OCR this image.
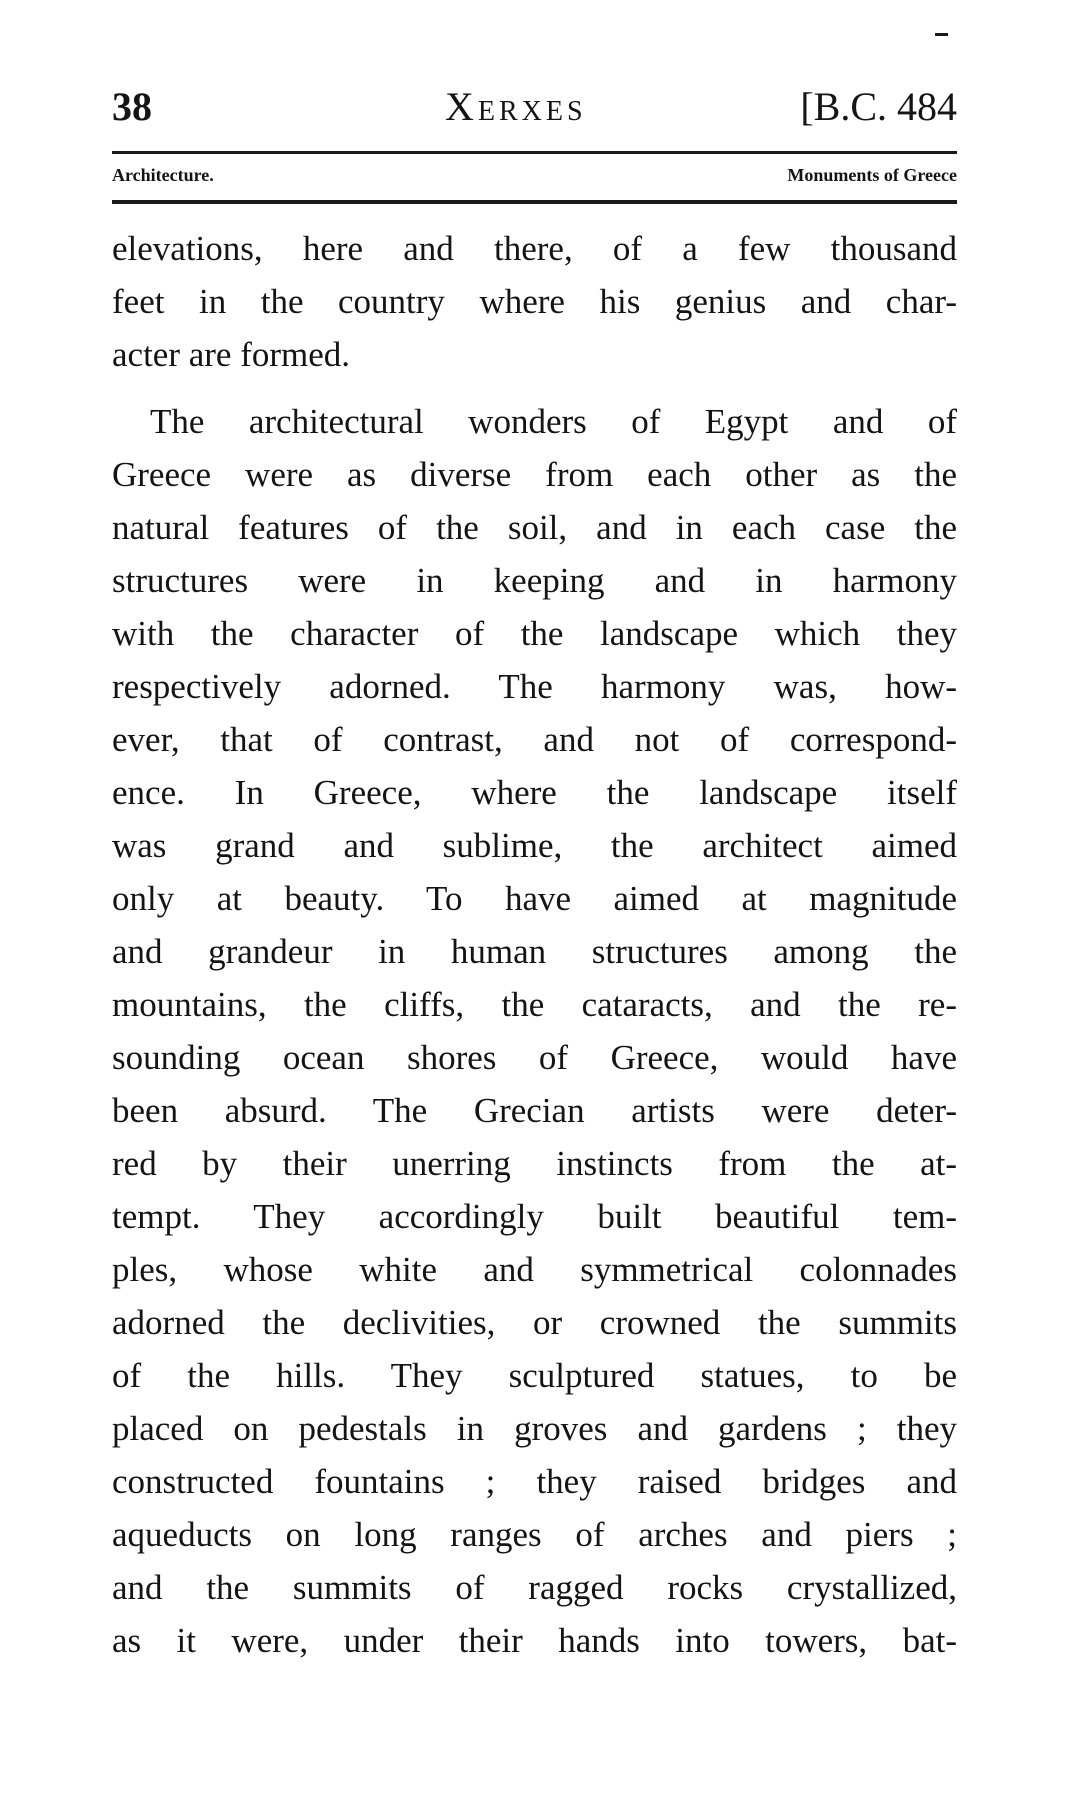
38	Xerxes	[B.C. 484
Architecture.	Monuments of Greece
elevations, here and there, of a few thousand
feet in the country where his genius and char-
acter are formed.
The architectural wonders of Egypt and of
Greece were as diverse from each other as the
natural features of the soil, and in each case the
structures were in keeping and in harmony
with the character of the landscape which they
respectively adorned. The harmony was, how-
ever, that of contrast, and not of correspond-
ence. In Greece, where the landscape itself
was grand and sublime, the architect aimed
only at beauty. To have aimed at magnitude
and grandeur in human structures among the
mountains, the cliffs, the cataracts, and the re-
sounding ocean shores of Greece, would have
been absurd. The Grecian artists were deter-
red by their unerring instincts from the at-
tempt. They accordingly built beautiful tem-
ples, whose white and symmetrical colonnades
adorned the declivities, or crowned the summits
of the hills. They sculptured statues, to be
placed on pedestals in groves and gardens ; they
constructed fountains ; they raised bridges and
aqueducts on long ranges of arches and piers ;
and the summits of ragged rocks crystallized,
as it were, under their hands into towers, bat-
